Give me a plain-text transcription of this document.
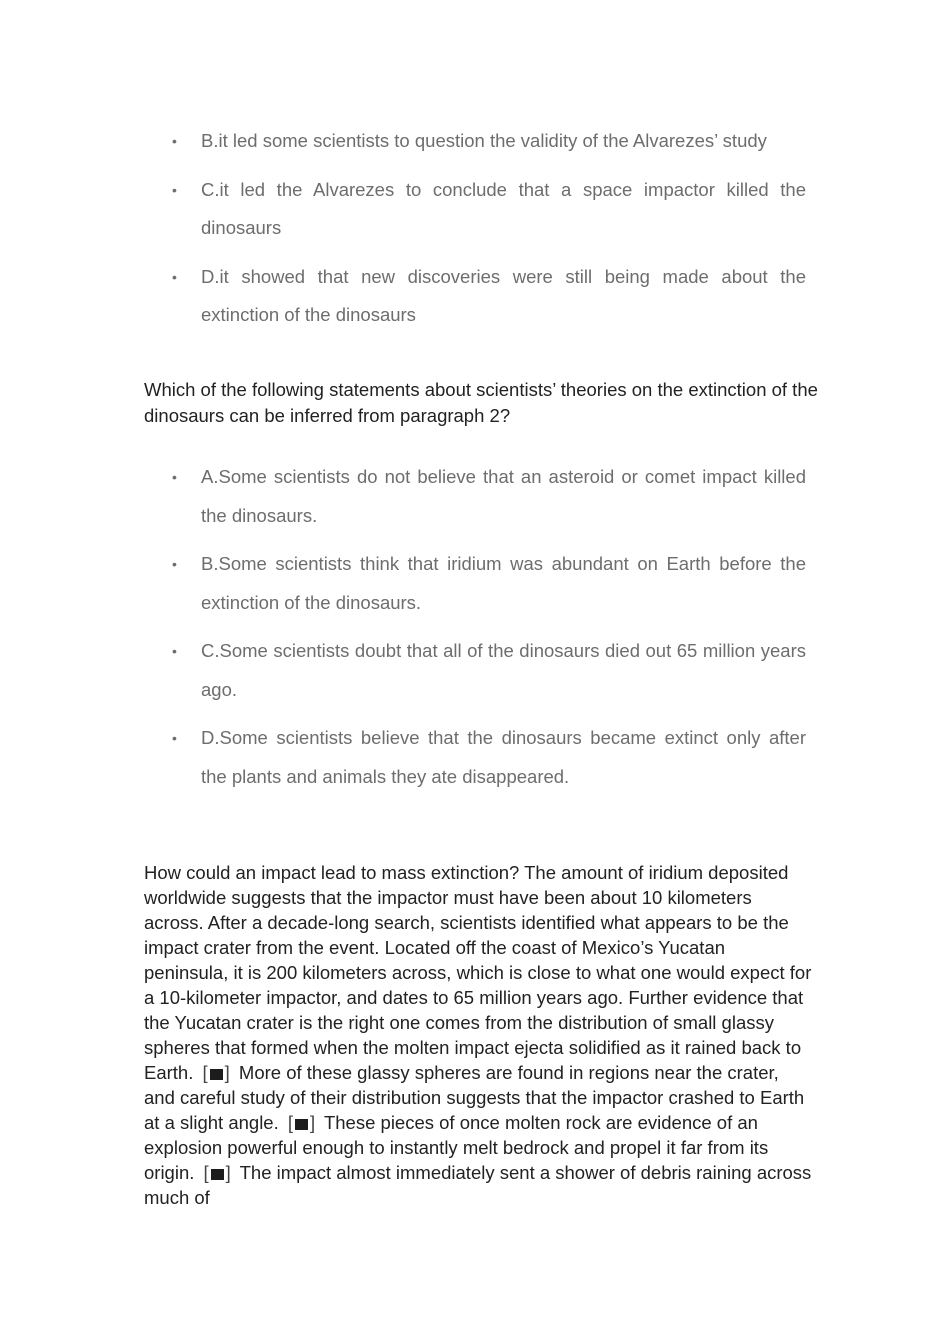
• B.it led some scientists to question the validity of the Alvarezes’ study
• C.it led the Alvarezes to conclude that a space impactor killed the dinosaurs
• D.it showed that new discoveries were still being made about the extinction of the dinosaurs
Which of the following statements about scientists’ theories on the extinction of the dinosaurs can be inferred from paragraph 2?
• A.Some scientists do not believe that an asteroid or comet impact killed the dinosaurs.
• B.Some scientists think that iridium was abundant on Earth before the extinction of the dinosaurs.
• C.Some scientists doubt that all of the dinosaurs died out 65 million years ago.
• D.Some scientists believe that the dinosaurs became extinct only after the plants and animals they ate disappeared.
How could an impact lead to mass extinction? The amount of iridium deposited worldwide suggests that the impactor must have been about 10 kilometers across. After a decade-long search, scientists identified what appears to be the impact crater from the event. Located off the coast of Mexico’s Yucatan peninsula, it is 200 kilometers across, which is close to what one would expect for a 10-kilometer impactor, and dates to 65 million years ago. Further evidence that the Yucatan crater is the right one comes from the distribution of small glassy spheres that formed when the molten impact ejecta solidified as it rained back to Earth. [ ] More of these glassy spheres are found in regions near the crater, and careful study of their distribution suggests that the impactor crashed to Earth at a slight angle. [ ] These pieces of once molten rock are evidence of an explosion powerful enough to instantly melt bedrock and propel it far from its origin. [ ] The impact almost immediately sent a shower of debris raining across much of
